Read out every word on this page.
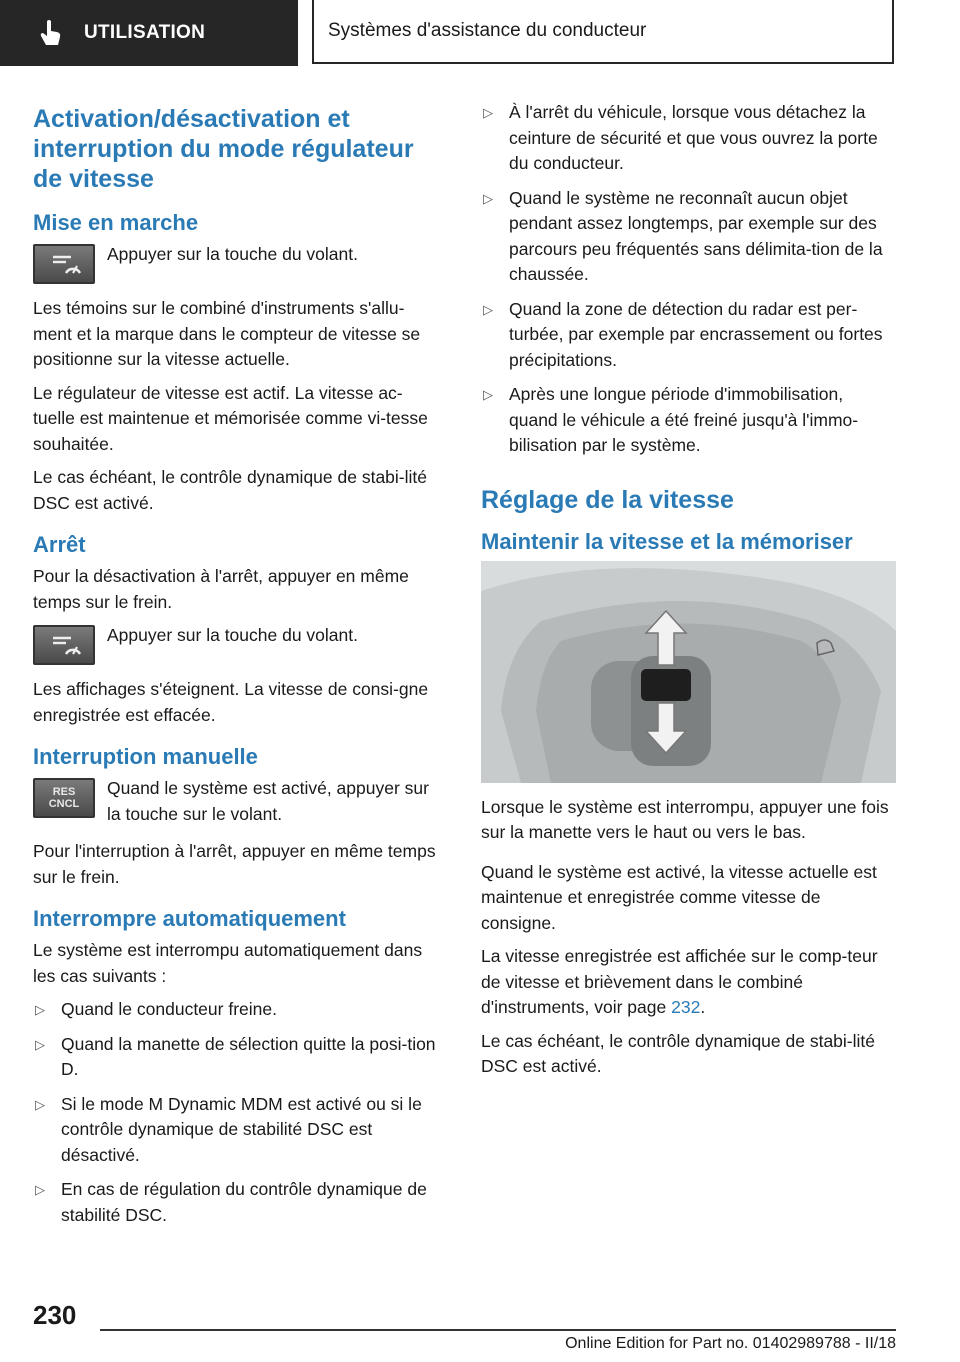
UTILISATION	Systèmes d'assistance du conducteur
Activation/désactivation et interruption du mode régulateur de vitesse
Mise en marche

Appuyer sur la touche du volant.

Les témoins sur le combiné d'instruments s'allu-ment et la marque dans le compteur de vitesse se positionne sur la vitesse actuelle.

Le régulateur de vitesse est actif. La vitesse ac-tuelle est maintenue et mémorisée comme vi-tesse souhaitée.

Le cas échéant, le contrôle dynamique de stabi-lité DSC est activé.

Arrêt

Pour la désactivation à l'arrêt, appuyer en même temps sur le frein.

Appuyer sur la touche du volant.

Les affichages s'éteignent. La vitesse de consi-gne enregistrée est effacée.

Interruption manuelle
RES
CNCL

Quand le système est activé, appuyer sur la touche sur le volant.

Pour l'interruption à l'arrêt, appuyer en même temps sur le frein.

Interrompre automatiquement

Le système est interrompu automatiquement dans les cas suivants :

▷ Quand le conducteur freine.
▷ Quand la manette de sélection quitte la posi-tion D.
▷ Si le mode M Dynamic MDM est activé ou si le contrôle dynamique de stabilité DSC est désactivé.
▷ En cas de régulation du contrôle dynamique de stabilité DSC.
▷ À l'arrêt du véhicule, lorsque vous détachez la ceinture de sécurité et que vous ouvrez la porte du conducteur.
▷ Quand le système ne reconnaît aucun objet pendant assez longtemps, par exemple sur des parcours peu fréquentés sans délimita-tion de la chaussée.
▷ Quand la zone de détection du radar est per-turbée, par exemple par encrassement ou fortes précipitations.
▷ Après une longue période d'immobilisation, quand le véhicule a été freiné jusqu'à l'immo-bilisation par le système.
Réglage de la vitesse
Maintenir la vitesse et la mémoriser

Lorsque le système est interrompu, appuyer une fois sur la manette vers le haut ou vers le bas.

Quand le système est activé, la vitesse actuelle est maintenue et enregistrée comme vitesse de consigne.

La vitesse enregistrée est affichée sur le comp-teur de vitesse et brièvement dans le combiné d'instruments, voir page 232.

Le cas échéant, le contrôle dynamique de stabi-lité DSC est activé.

230
Online Edition for Part no. 01402989788 - II/18
